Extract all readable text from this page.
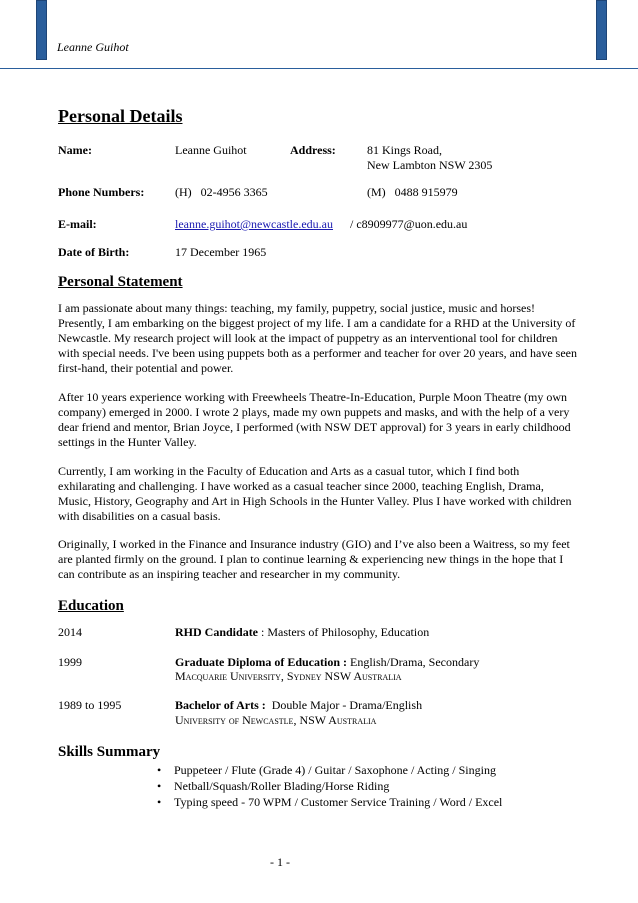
Leanne Guihot
Personal Details
Name:	Leanne Guihot	Address:	81 Kings Road,
New Lambton NSW 2305
Phone Numbers:	(H)   02-4956 3365	(M)   0488 915979
E-mail:	leanne.guihot@newcastle.edu.au / c8909977@uon.edu.au
Date of Birth:	17 December 1965
Personal Statement
I am passionate about many things: teaching, my family, puppetry, social justice, music and horses! Presently, I am embarking on the biggest project of my life. I am a candidate for a RHD at the University of Newcastle. My research project will look at the impact of puppetry as an interventional tool for children with special needs. I've been using puppets both as a performer and teacher for over 20 years, and have seen first-hand, their potential and power.
After 10 years experience working with Freewheels Theatre-In-Education, Purple Moon Theatre (my own company) emerged in 2000. I wrote 2 plays, made my own puppets and masks, and with the help of a very dear friend and mentor, Brian Joyce, I performed (with NSW DET approval) for 3 years in early childhood settings in the Hunter Valley.
Currently, I am working in the Faculty of Education and Arts as a casual tutor, which I find both exhilarating and challenging. I have worked as a casual teacher since 2000, teaching English, Drama, Music, History, Geography and Art in High Schools in the Hunter Valley. Plus I have worked with children with disabilities on a casual basis.
Originally, I worked in the Finance and Insurance industry (GIO) and I’ve also been a Waitress, so my feet are planted firmly on the ground. I plan to continue learning & experiencing new things in the hope that I can contribute as an inspiring teacher and researcher in my community.
Education
2014	RHD Candidate : Masters of Philosophy, Education
1999	Graduate Diploma of Education : English/Drama, Secondary
Macquarie University, Sydney NSW Australia
1989 to 1995	Bachelor of Arts :  Double Major - Drama/English
University of Newcastle, NSW Australia
Skills Summary
• Puppeteer / Flute (Grade 4) / Guitar / Saxophone / Acting / Singing
• Netball/Squash/Roller Blading/Horse Riding
• Typing speed - 70 WPM / Customer Service Training / Word / Excel
- 1 -
